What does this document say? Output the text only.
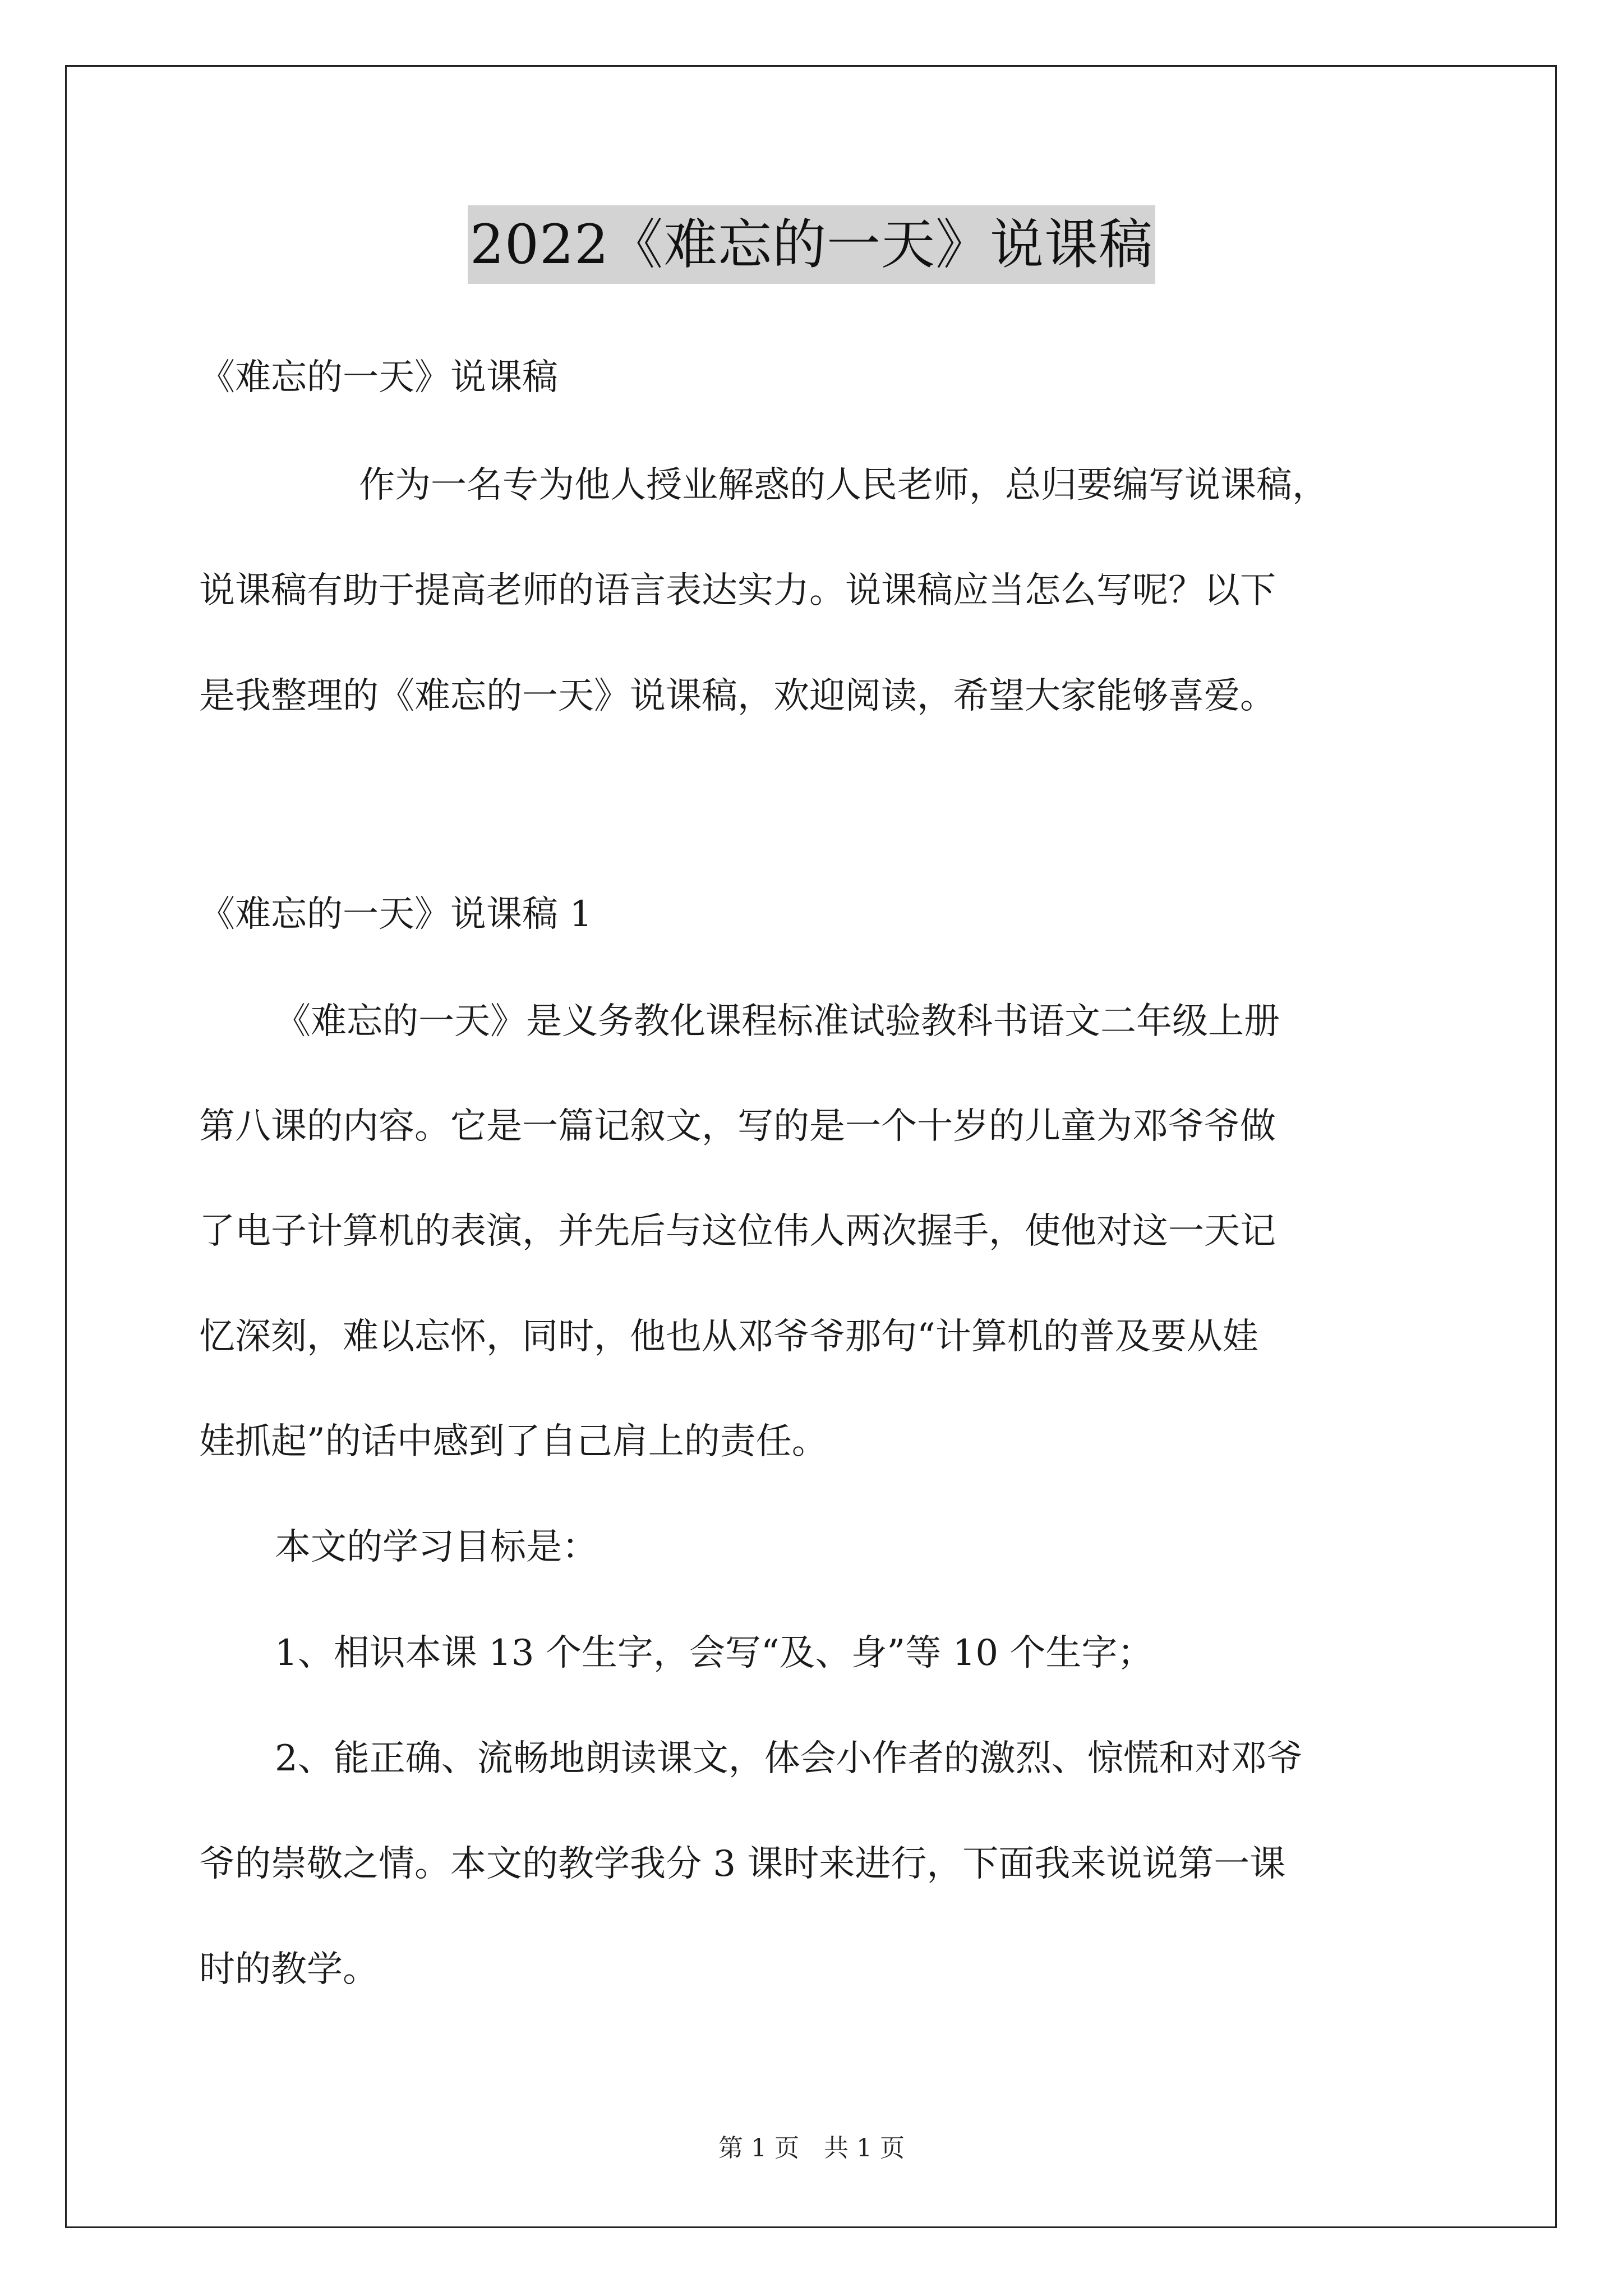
2022《难忘的一天》说课稿
《难忘的一天》说课稿
作为一名专为他人授业解惑的人民老师，总归要编写说课稿，
说课稿有助于提高老师的语言表达实力。说课稿应当怎么写呢？以下
是我整理的《难忘的一天》说课稿，欢迎阅读，希望大家能够喜爱。
《难忘的一天》说课稿 1
《难忘的一天》是义务教化课程标准试验教科书语文二年级上册
第八课的内容。它是一篇记叙文，写的是一个十岁的儿童为邓爷爷做
了电子计算机的表演，并先后与这位伟人两次握手，使他对这一天记
忆深刻，难以忘怀，同时，他也从邓爷爷那句“计算机的普及要从娃
娃抓起”的话中感到了自己肩上的责任。
本文的学习目标是：
1、相识本课 13 个生字，会写“及、身”等 10 个生字；
2、能正确、流畅地朗读课文，体会小作者的激烈、惊慌和对邓爷
爷的崇敬之情。本文的教学我分 3 课时来进行，下面我来说说第一课
时的教学。
第 1 页　共 1 页
